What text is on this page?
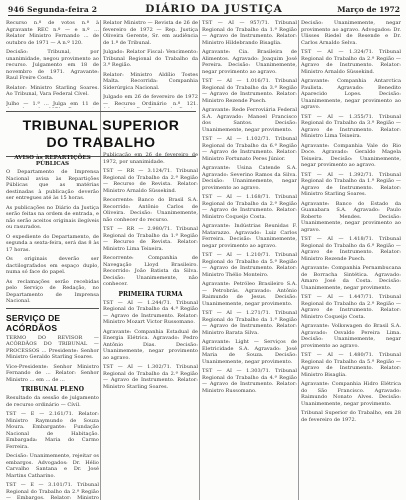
946 Segunda-feira 2	DIÁRIO DA JUSTIÇA	Março de 1972

Recurso n.º de votos n.º à Agravante REC n.º — e n.º ... Relator Ministro Fernando ... de outubro de 1971 — A n.º 120.

Decisão: Tribunal, por unanimidade, negou provimento ao recurso. Julgamento em 18 de novembro de 1971. Agravante: Raul Freire Costa.

Relator: Ministro Starling Soares. Ao Tribunal, Vara Federal Cível.

Julho — 1.ª ... Julga em 11 de

Relator Ministro — Revista de 26 de fevereiro de 1972 — Rep. Justiça Oliveira Gerente, Sr. em audiência de 1.º de Tribunal.

Julgado: Relator Fiscal: Vencimento: Tribunal Regional do Trabalho da 3.ª Região.

Relator: Ministro Aldílio Tostes Malta. Recorrida: Companhia Siderúrgica Nacional.

Julgado em 26 de fevereiro de 1972 — Recurso Ordinário n.º 121.

TRIBUNAL SUPERIOR
DO TRABALHO
AVISO às REPARTIÇÕES PÚBLICAS

O Departamento de Imprensa Nacional avisa às Repartições Públicas que as matérias destinadas à publicação deverão ser entregues até às 15 horas.

As publicações no Diário da Justiça serão feitas na ordem de entrada, e não serão aceitos originais ilegíveis ou rasurados.

O expediente do Departamento, de segunda a sexta-feira, será das 8 às 17 horas.

Os originais deverão ser dactilografados em espaço duplo, numa só face do papel.

As reclamações serão recebidas pelo Serviço de Redação, no Departamento de Imprensa Nacional.

SERVIÇO DE ACÓRDÃOS

TERMO DO REVISOR — ACÓRDÃOS DO TRIBUNAL — PROCESSOS ... Presidente: Senhor Ministro Geraldo Starling Soares.

Vice-Presidente: Senhor Ministro Fernando de ... Relator: Senhor Ministro ... em ... de ...

TRIBUNAL PLENO

Resultado da sessão de julgamento de recurso ordinário — Cívil.

TST — E — 2.161/71. Relator: Ministro Raymundo de Souza Moura. Embargante: Fundação Nacional de Habitação. Embargada: Maria do Carmo Ferreira.

Decisão: Unanimemente, rejeitar os embargos. Advogados: Dr. Hélio Carvalho Santana e Dr. José Martins Catharino.

TST — E — 3.101/71. Tribunal Regional do Trabalho da 2.ª Região — Embargos. Relator: Ministro

Publicação em 26 de fevereiro de 1972, por unanimidade.

TST — RR — 3.124/71. Tribunal Regional do Trabalho da 2.ª Região — Recurso de Revista. Relator: Ministro Arnaldo Süssekind.

Recorrente: Banco do Brasil S.A. Recorrido: Antônio Carlos de Oliveira. Decisão: Unanimemente, não conhecer do recurso.

TST — RR — 2.980/71. Tribunal Regional do Trabalho da 1.ª Região — Recurso de Revista. Relator: Ministro Lima Teixeira.

Recorrente: Companhia de Navegação Lloyd Brasileiro. Recorrido: João Batista da Silva. Decisão: Unanimemente, não conhecer.

PRIMEIRA TURMA

TST — AI — 1.244/71. Tribunal Regional do Trabalho da 4.ª Região — Agravo de Instrumento. Relator: Ministro Mozart Victor Russomano.

Agravante: Companhia Estadual de Energia Elétrica. Agravado: Pedro Antônio Dias. Decisão: Unanimemente, negar provimento ao agravo.

TST — AI — 1.302/71. Tribunal Regional do Trabalho da 2.ª Região — Agravo de Instrumento. Relator: Ministro Starling Soares.

TST — AI — 957/71. Tribunal Regional do Trabalho da 1.ª Região — Agravo de Instrumento. Relator: Ministro Hildebrando Bisaglia.

Agravante: Cia. Brasileira de Alimentos. Agravado: Joaquim José Pereira. Decisão: Unanimemente, negar provimento ao agravo.

TST — AI — 1.016/71. Tribunal Regional do Trabalho da 3.ª Região — Agravo de Instrumento. Relator: Ministro Rezende Puech.

Agravante: Rede Ferroviária Federal S.A. Agravado: Manoel Francisco dos Santos. Decisão: Unanimemente, negar provimento.

TST — AI — 1.102/71. Tribunal Regional do Trabalho da 6.ª Região — Agravo de Instrumento. Relator: Ministro Fortunato Peres Júnior.

Agravante: Usina Catende S.A. Agravado: Severino Ramos da Silva. Decisão: Unanimemente, negar provimento ao agravo.

TST — AI — 1.168/71. Tribunal Regional do Trabalho da 2.ª Região — Agravo de Instrumento. Relator: Ministro Coqueijo Costa.

Agravante: Indústrias Reunidas F. Matarazzo. Agravado: Luiz Carlos Ferreira. Decisão: Unanimemente, negar provimento ao agravo.

TST — AI — 1.210/71. Tribunal Regional do Trabalho da 5.ª Região — Agravo de Instrumento. Relator: Ministro Thélio Monteiro.

Agravante: Petróleo Brasileiro S.A. — Petrobrás. Agravado: Antônio Raimundo de Jesus. Decisão: Unanimemente, negar provimento.

TST — AI — 1.271/71. Tribunal Regional do Trabalho da 1.ª Região — Agravo de Instrumento. Relator: Ministro Barata Silva.

Agravante: Light — Serviços de Eletricidade S.A. Agravado: José Maria de Souza. Decisão: Unanimemente, negar provimento.

TST — AI — 1.303/71. Tribunal Regional do Trabalho da 4.ª Região — Agravo de Instrumento. Relator: Ministro Russomano.

Decisão: Unanimemente, negar provimento ao agravo. Advogados: Dr. Ulisses Riedel de Resende e Dr. Carlos Arnaldo Selva.

TST — AI — 1.324/71. Tribunal Regional do Trabalho da 2.ª Região — Agravo de Instrumento. Relator: Ministro Arnaldo Süssekind.

Agravante: Companhia Antarctica Paulista. Agravado: Benedito Aparecido Lopes. Decisão: Unanimemente, negar provimento ao agravo.

TST — AI — 1.355/71. Tribunal Regional do Trabalho da 3.ª Região — Agravo de Instrumento. Relator: Ministro Lima Teixeira.

Agravante: Companhia Vale do Rio Doce. Agravado: Geraldo Magela Teixeira. Decisão: Unanimemente, negar provimento ao agravo.

TST — AI — 1.392/71. Tribunal Regional do Trabalho da 1.ª Região — Agravo de Instrumento. Relator: Ministro Starling Soares.

Agravante: Banco do Estado da Guanabara S.A. Agravado: Paulo Roberto Mendes. Decisão: Unanimemente, negar provimento ao agravo.

TST — AI — 1.418/71. Tribunal Regional do Trabalho da 6.ª Região — Agravo de Instrumento. Relator: Ministro Rezende Puech.

Agravante: Companhia Pernambucana de Borracha Sintética. Agravado: Amaro José da Costa. Decisão: Unanimemente, negar provimento.

TST — AI — 1.447/71. Tribunal Regional do Trabalho da 2.ª Região — Agravo de Instrumento. Relator: Ministro Coqueijo Costa.

Agravante: Volkswagen do Brasil S.A. Agravado: Osvaldo Pereira Lima. Decisão: Unanimemente, negar provimento ao agravo.

TST — AI — 1.480/71. Tribunal Regional do Trabalho da 5.ª Região — Agravo de Instrumento. Relator: Ministro Bisaglia.

Agravante: Companhia Hidro Elétrica do São Francisco. Agravado: Raimundo Nonato Alves. Decisão: Unanimemente, negar provimento.

Tribunal Superior do Trabalho, em 28 de fevereiro de 1972.
